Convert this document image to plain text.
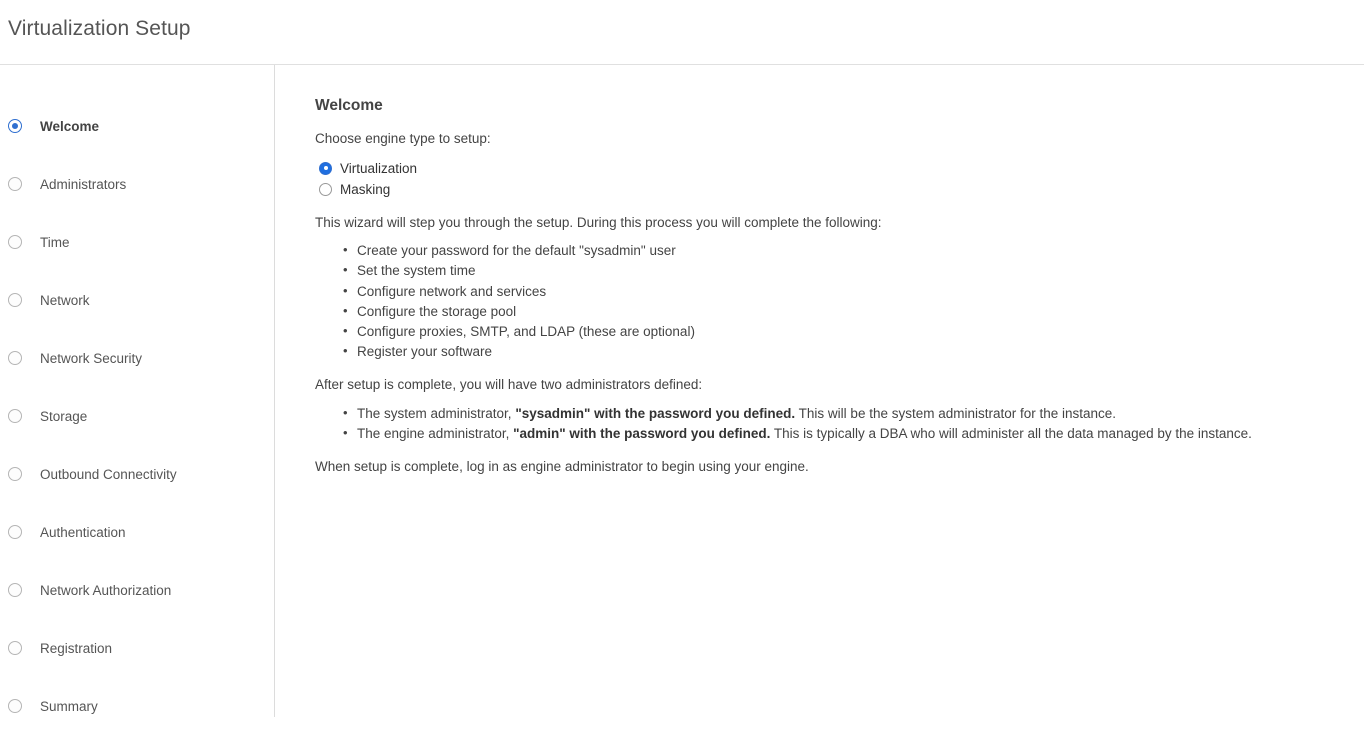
Virtualization Setup
Welcome
Administrators
Time
Network
Network Security
Storage
Outbound Connectivity
Authentication
Network Authorization
Registration
Summary
Welcome

Choose engine type to setup:

Virtualization
Masking

This wizard will step you through the setup. During this process you will complete the following:

• Create your password for the default "sysadmin" user
• Set the system time
• Configure network and services
• Configure the storage pool
• Configure proxies, SMTP, and LDAP (these are optional)
• Register your software

After setup is complete, you will have two administrators defined:

• The system administrator, "sysadmin" with the password you defined. This will be the system administrator for the instance.
• The engine administrator, "admin" with the password you defined. This is typically a DBA who will administer all the data managed by the instance.

When setup is complete, log in as engine administrator to begin using your engine.
